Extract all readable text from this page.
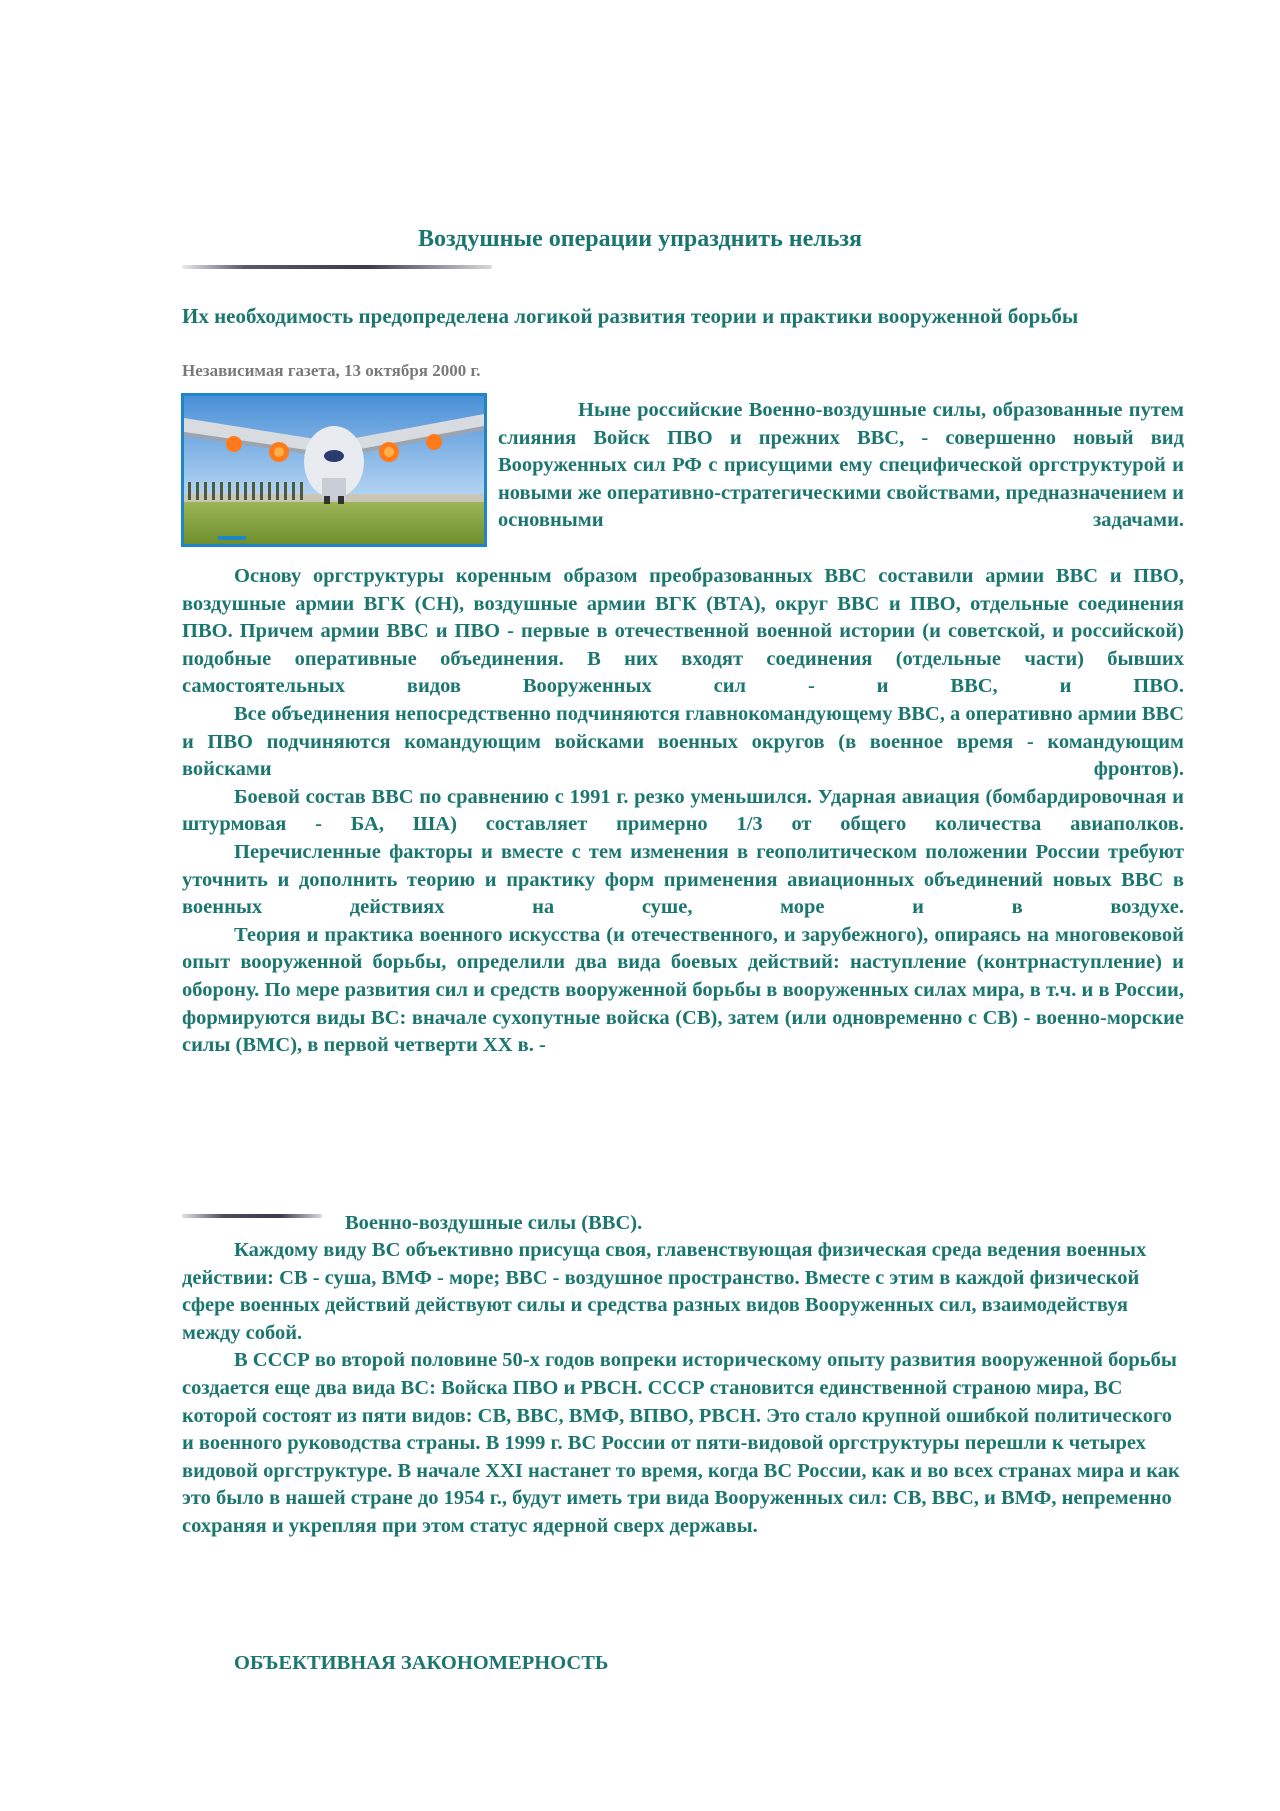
Воздушные операции упразднить нельзя
Их необходимость предопределена логикой развития теории и практики вооруженной борьбы
Независимая газета, 13 октября 2000 г.
Ныне российские Военно-воздушные силы, образованные путем слияния Войск ПВО и прежних ВВС, - совершенно новый вид Вооруженных сил РФ с присущими ему специфической оргструктурой и новыми же оперативно-стратегическими свойствами, предназначением и основными задачами.

Основу оргструктуры коренным образом преобразованных ВВС составили армии ВВС и ПВО, воздушные армии ВГК (СН), воздушные армии ВГК (ВТА), округ ВВС и ПВО, отдельные соединения ПВО. Причем армии ВВС и ПВО - первые в отечественной военной истории (и советской, и российской) подобные оперативные объединения. В них входят соединения (отдельные части) бывших самостоятельных видов Вооруженных сил - и ВВС, и ПВО.

Все объединения непосредственно подчиняются главнокомандующему ВВС, а оперативно армии ВВС и ПВО подчиняются командующим войсками военных округов (в военное время - командующим войсками фронтов).

Боевой состав ВВС по сравнению с 1991 г. резко уменьшился. Ударная авиация (бомбардировочная и штурмовая - БА, ША) составляет примерно 1/3 от общего количества авиаполков.

Перечисленные факторы и вместе с тем изменения в геополитическом положении России требуют уточнить и дополнить теорию и практику форм применения авиационных объединений новых ВВС в военных действиях на суше, море и в воздухе.

Теория и практика военного искусства (и отечественного, и зарубежного), опираясь на многовековой опыт вооруженной борьбы, определили два вида боевых действий: наступление (контрнаступление) и оборону. По мере развития сил и средств вооруженной борьбы в вооруженных силах мира, в т.ч. и в России, формируются виды ВС: вначале сухопутные войска (СВ), затем (или одновременно с СВ) - военно-морские силы (ВМС), в первой четверти XX в. -

Военно-воздушные силы (ВВС).

Каждому виду ВС объективно присуща своя, главенствующая физическая среда ведения военных действии: СВ - суша, ВМФ - море; ВВС - воздушное пространство. Вместе с этим в каждой физической сфере военных действий действуют силы и средства разных видов Вооруженных сил, взаимодействуя между собой.

В СССР во второй половине 50-х годов вопреки историческому опыту развития вооруженной борьбы создается еще два вида ВС: Войска ПВО и РВСН. СССР становится единственной страною мира, ВС которой состоят из пяти видов: СВ, ВВС, ВМФ, ВПВО, РВСН. Это стало крупной ошибкой политического и военного руководства страны. В 1999 г. ВС России от пяти-видовой оргструктуры перешли к четырех видовой оргструктуре. В начале XXI настанет то время, когда ВС России, как и во всех странах мира и как это было в нашей стране до 1954 г., будут иметь три вида Вооруженных сил: СВ, ВВС, и ВМФ, непременно сохраняя и укрепляя при этом статус ядерной сверх державы.

ОБЪЕКТИВНАЯ ЗАКОНОМЕРНОСТЬ
